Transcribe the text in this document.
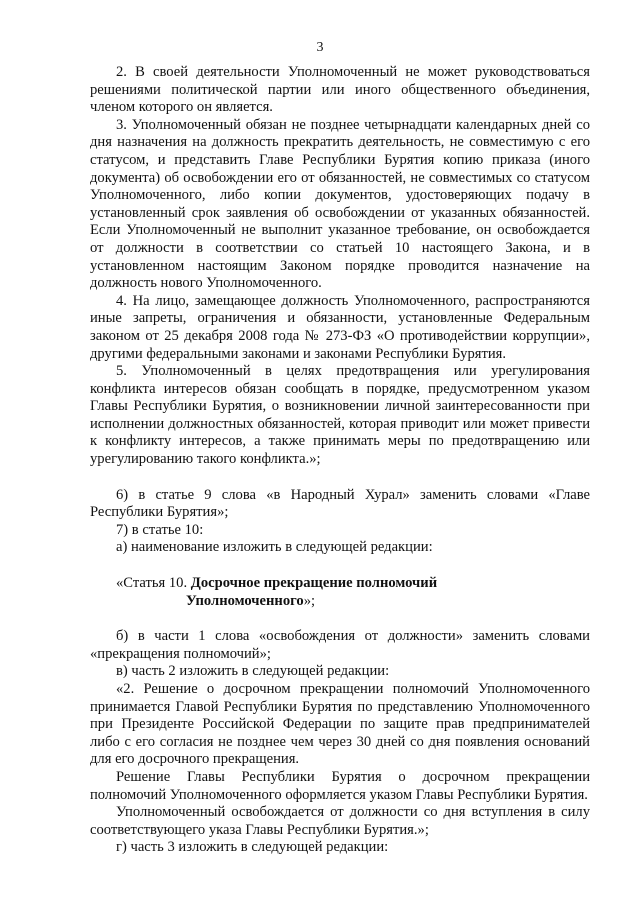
3

2. В своей деятельности Уполномоченный не может руководствоваться решениями политической партии или иного общественного объединения, членом которого он является.

3. Уполномоченный обязан не позднее четырнадцати календарных дней со дня назначения на должность прекратить деятельность, не совместимую с его статусом, и представить Главе Республики Бурятия копию приказа (иного документа) об освобождении его от обязанностей, не совместимых со статусом Уполномоченного, либо копии документов, удостоверяющих подачу в установленный срок заявления об освобождении от указанных обязанностей. Если Уполномоченный не выполнит указанное требование, он освобождается от должности в соответствии со статьей 10 настоящего Закона, и в установленном настоящим Законом порядке проводится назначение на должность нового Уполномоченного.

4. На лицо, замещающее должность Уполномоченного, распространяются иные запреты, ограничения и обязанности, установленные Федеральным законом от 25 декабря 2008 года № 273-ФЗ «О противодействии коррупции», другими федеральными законами и законами Республики Бурятия.

5. Уполномоченный в целях предотвращения или урегулирования конфликта интересов обязан сообщать в порядке, предусмотренном указом Главы Республики Бурятия, о возникновении личной заинтересованности при исполнении должностных обязанностей, которая приводит или может привести к конфликту интересов, а также принимать меры по предотвращению или урегулированию такого конфликта.»;

6) в статье 9 слова «в Народный Хурал» заменить словами «Главе Республики Бурятия»;

7) в статье 10:

а) наименование изложить в следующей редакции:

«Статья 10. Досрочное прекращение полномочий
Уполномоченного»;

б) в части 1 слова «освобождения от должности» заменить словами «прекращения полномочий»;

в) часть 2 изложить в следующей редакции:

«2. Решение о досрочном прекращении полномочий Уполномоченного принимается Главой Республики Бурятия по представлению Уполномоченного при Президенте Российской Федерации по защите прав предпринимателей либо с его согласия не позднее чем через 30 дней со дня появления оснований для его досрочного прекращения.

Решение Главы Республики Бурятия о досрочном прекращении полномочий Уполномоченного оформляется указом Главы Республики Бурятия.

Уполномоченный освобождается от должности со дня вступления в силу соответствующего указа Главы Республики Бурятия.»;

г) часть 3 изложить в следующей редакции:
